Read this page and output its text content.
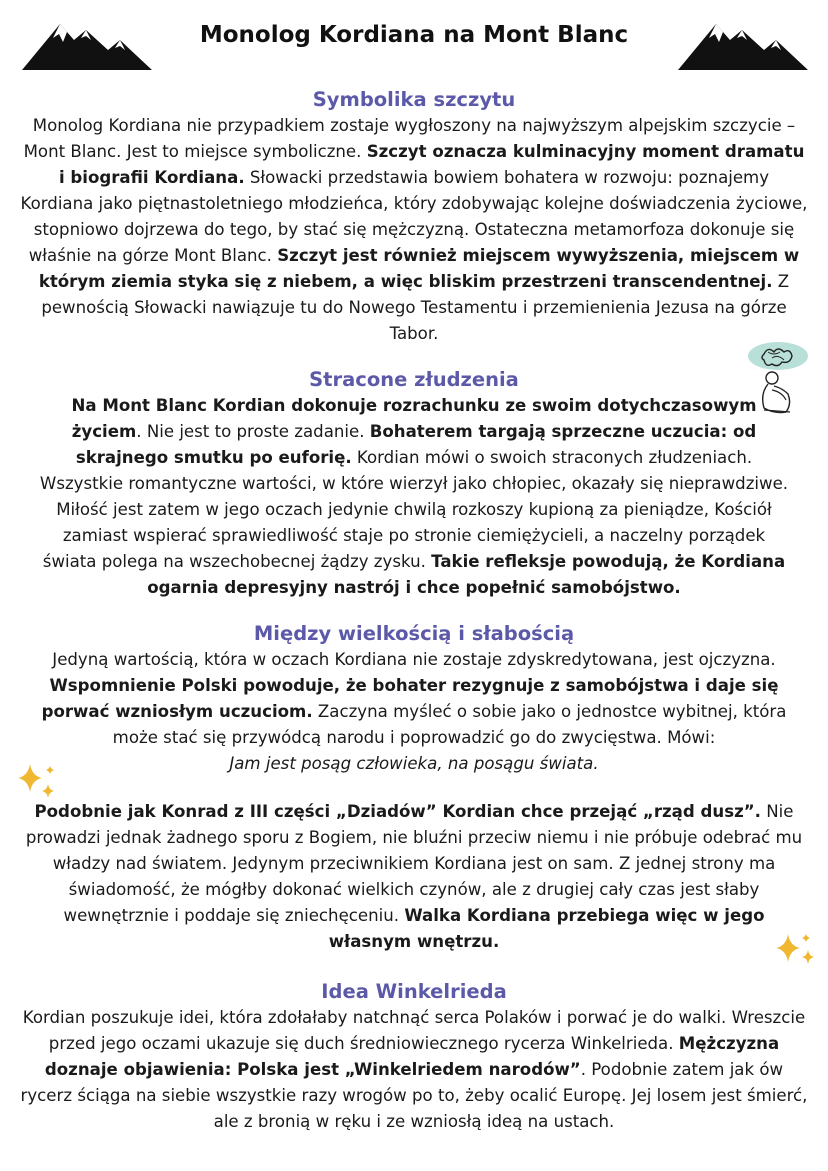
Monolog Kordiana na Mont Blanc
Symbolika szczytu

Monolog Kordiana nie przypadkiem zostaje wygłoszony na najwyższym alpejskim szczycie – Mont Blanc. Jest to miejsce symboliczne. Szczyt oznacza kulminacyjny moment dramatu i biografii Kordiana. Słowacki przedstawia bowiem bohatera w rozwoju: poznajemy Kordiana jako piętnastoletniego młodzieńca, który zdobywając kolejne doświadczenia życiowe, stopniowo dojrzewa do tego, by stać się mężczyzną. Ostateczna metamorfoza dokonuje się właśnie na górze Mont Blanc. Szczyt jest również miejscem wywyższenia, miejscem w którym ziemia styka się z niebem, a więc bliskim przestrzeni transcendentnej. Z pewnością Słowacki nawiązuje tu do Nowego Testamentu i przemienienia Jezusa na górze Tabor.

Stracone złudzenia

Na Mont Blanc Kordian dokonuje rozrachunku ze swoim dotychczasowym życiem. Nie jest to proste zadanie. Bohaterem targają sprzeczne uczucia: od skrajnego smutku po euforię. Kordian mówi o swoich straconych złudzeniach. Wszystkie romantyczne wartości, w które wierzył jako chłopiec, okazały się nieprawdziwe. Miłość jest zatem w jego oczach jedynie chwilą rozkoszy kupioną za pieniądze, Kościół zamiast wspierać sprawiedliwość staje po stronie ciemiężycieli, a naczelny porządek świata polega na wszechobecnej żądzy zysku. Takie refleksje powodują, że Kordiana ogarnia depresyjny nastrój i chce popełnić samobójstwo.

Między wielkością i słabością

Jedyną wartością, która w oczach Kordiana nie zostaje zdyskredytowana, jest ojczyzna. Wspomnienie Polski powoduje, że bohater rezygnuje z samobójstwa i daje się porwać wzniosłym uczuciom. Zaczyna myśleć o sobie jako o jednostce wybitnej, która może stać się przywódcą narodu i poprowadzić go do zwycięstwa. Mówi:

Jam jest posąg człowieka, na posągu świata.

Podobnie jak Konrad z III części „Dziadów” Kordian chce przejąć „rząd dusz”. Nie prowadzi jednak żadnego sporu z Bogiem, nie bluźni przeciw niemu i nie próbuje odebrać mu władzy nad światem. Jedynym przeciwnikiem Kordiana jest on sam. Z jednej strony ma świadomość, że mógłby dokonać wielkich czynów, ale z drugiej cały czas jest słaby wewnętrznie i poddaje się zniechęceniu. Walka Kordiana przebiega więc w jego własnym wnętrzu.

Idea Winkelrieda

Kordian poszukuje idei, która zdołałaby natchnąć serca Polaków i porwać je do walki. Wreszcie przed jego oczami ukazuje się duch średniowiecznego rycerza Winkelrieda. Mężczyzna doznaje objawienia: Polska jest „Winkelriedem narodów”. Podobnie zatem jak ów rycerz ściąga na siebie wszystkie razy wrogów po to, żeby ocalić Europę. Jej losem jest śmierć, ale z bronią w ręku i ze wzniosłą ideą na ustach.
